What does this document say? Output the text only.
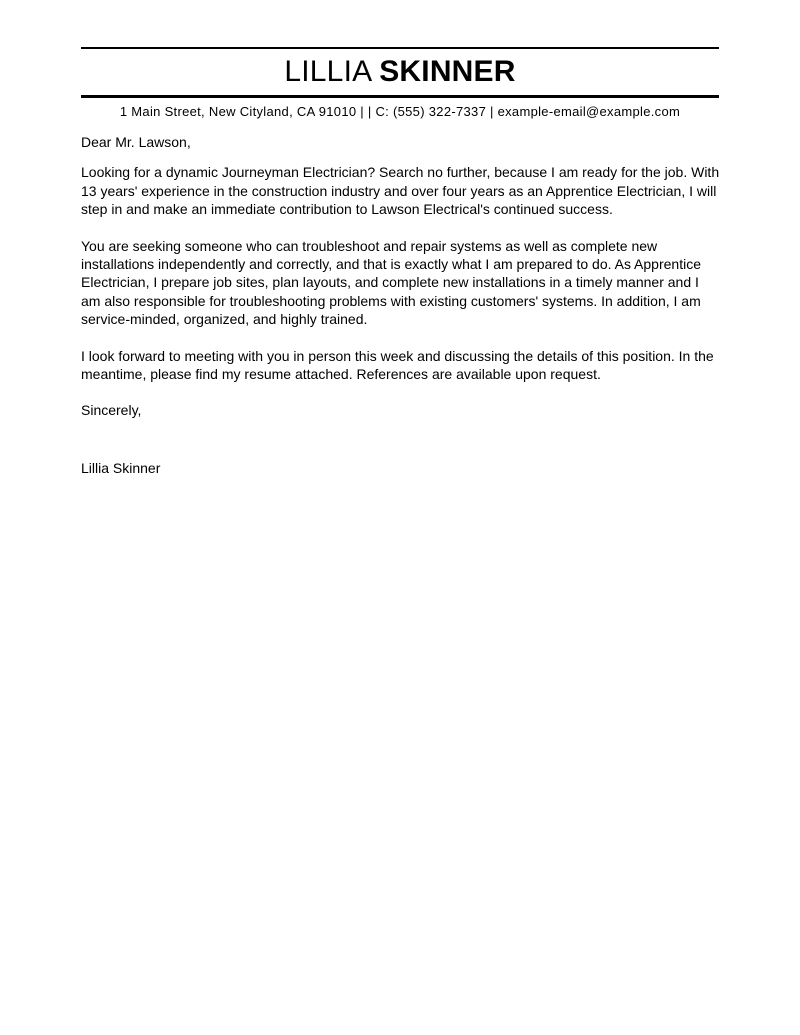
LILLIA SKINNER
1 Main Street, New Cityland, CA 91010 | | C: (555) 322-7337 | example-email@example.com

Dear Mr. Lawson,

Looking for a dynamic Journeyman Electrician? Search no further, because I am ready for the job. With 13 years' experience in the construction industry and over four years as an Apprentice Electrician, I will step in and make an immediate contribution to Lawson Electrical's continued success.

You are seeking someone who can troubleshoot and repair systems as well as complete new installations independently and correctly, and that is exactly what I am prepared to do. As Apprentice Electrician, I prepare job sites, plan layouts, and complete new installations in a timely manner and I am also responsible for troubleshooting problems with existing customers' systems. In addition, I am service-minded, organized, and highly trained.

I look forward to meeting with you in person this week and discussing the details of this position. In the meantime, please find my resume attached. References are available upon request.

Sincerely,

Lillia Skinner
